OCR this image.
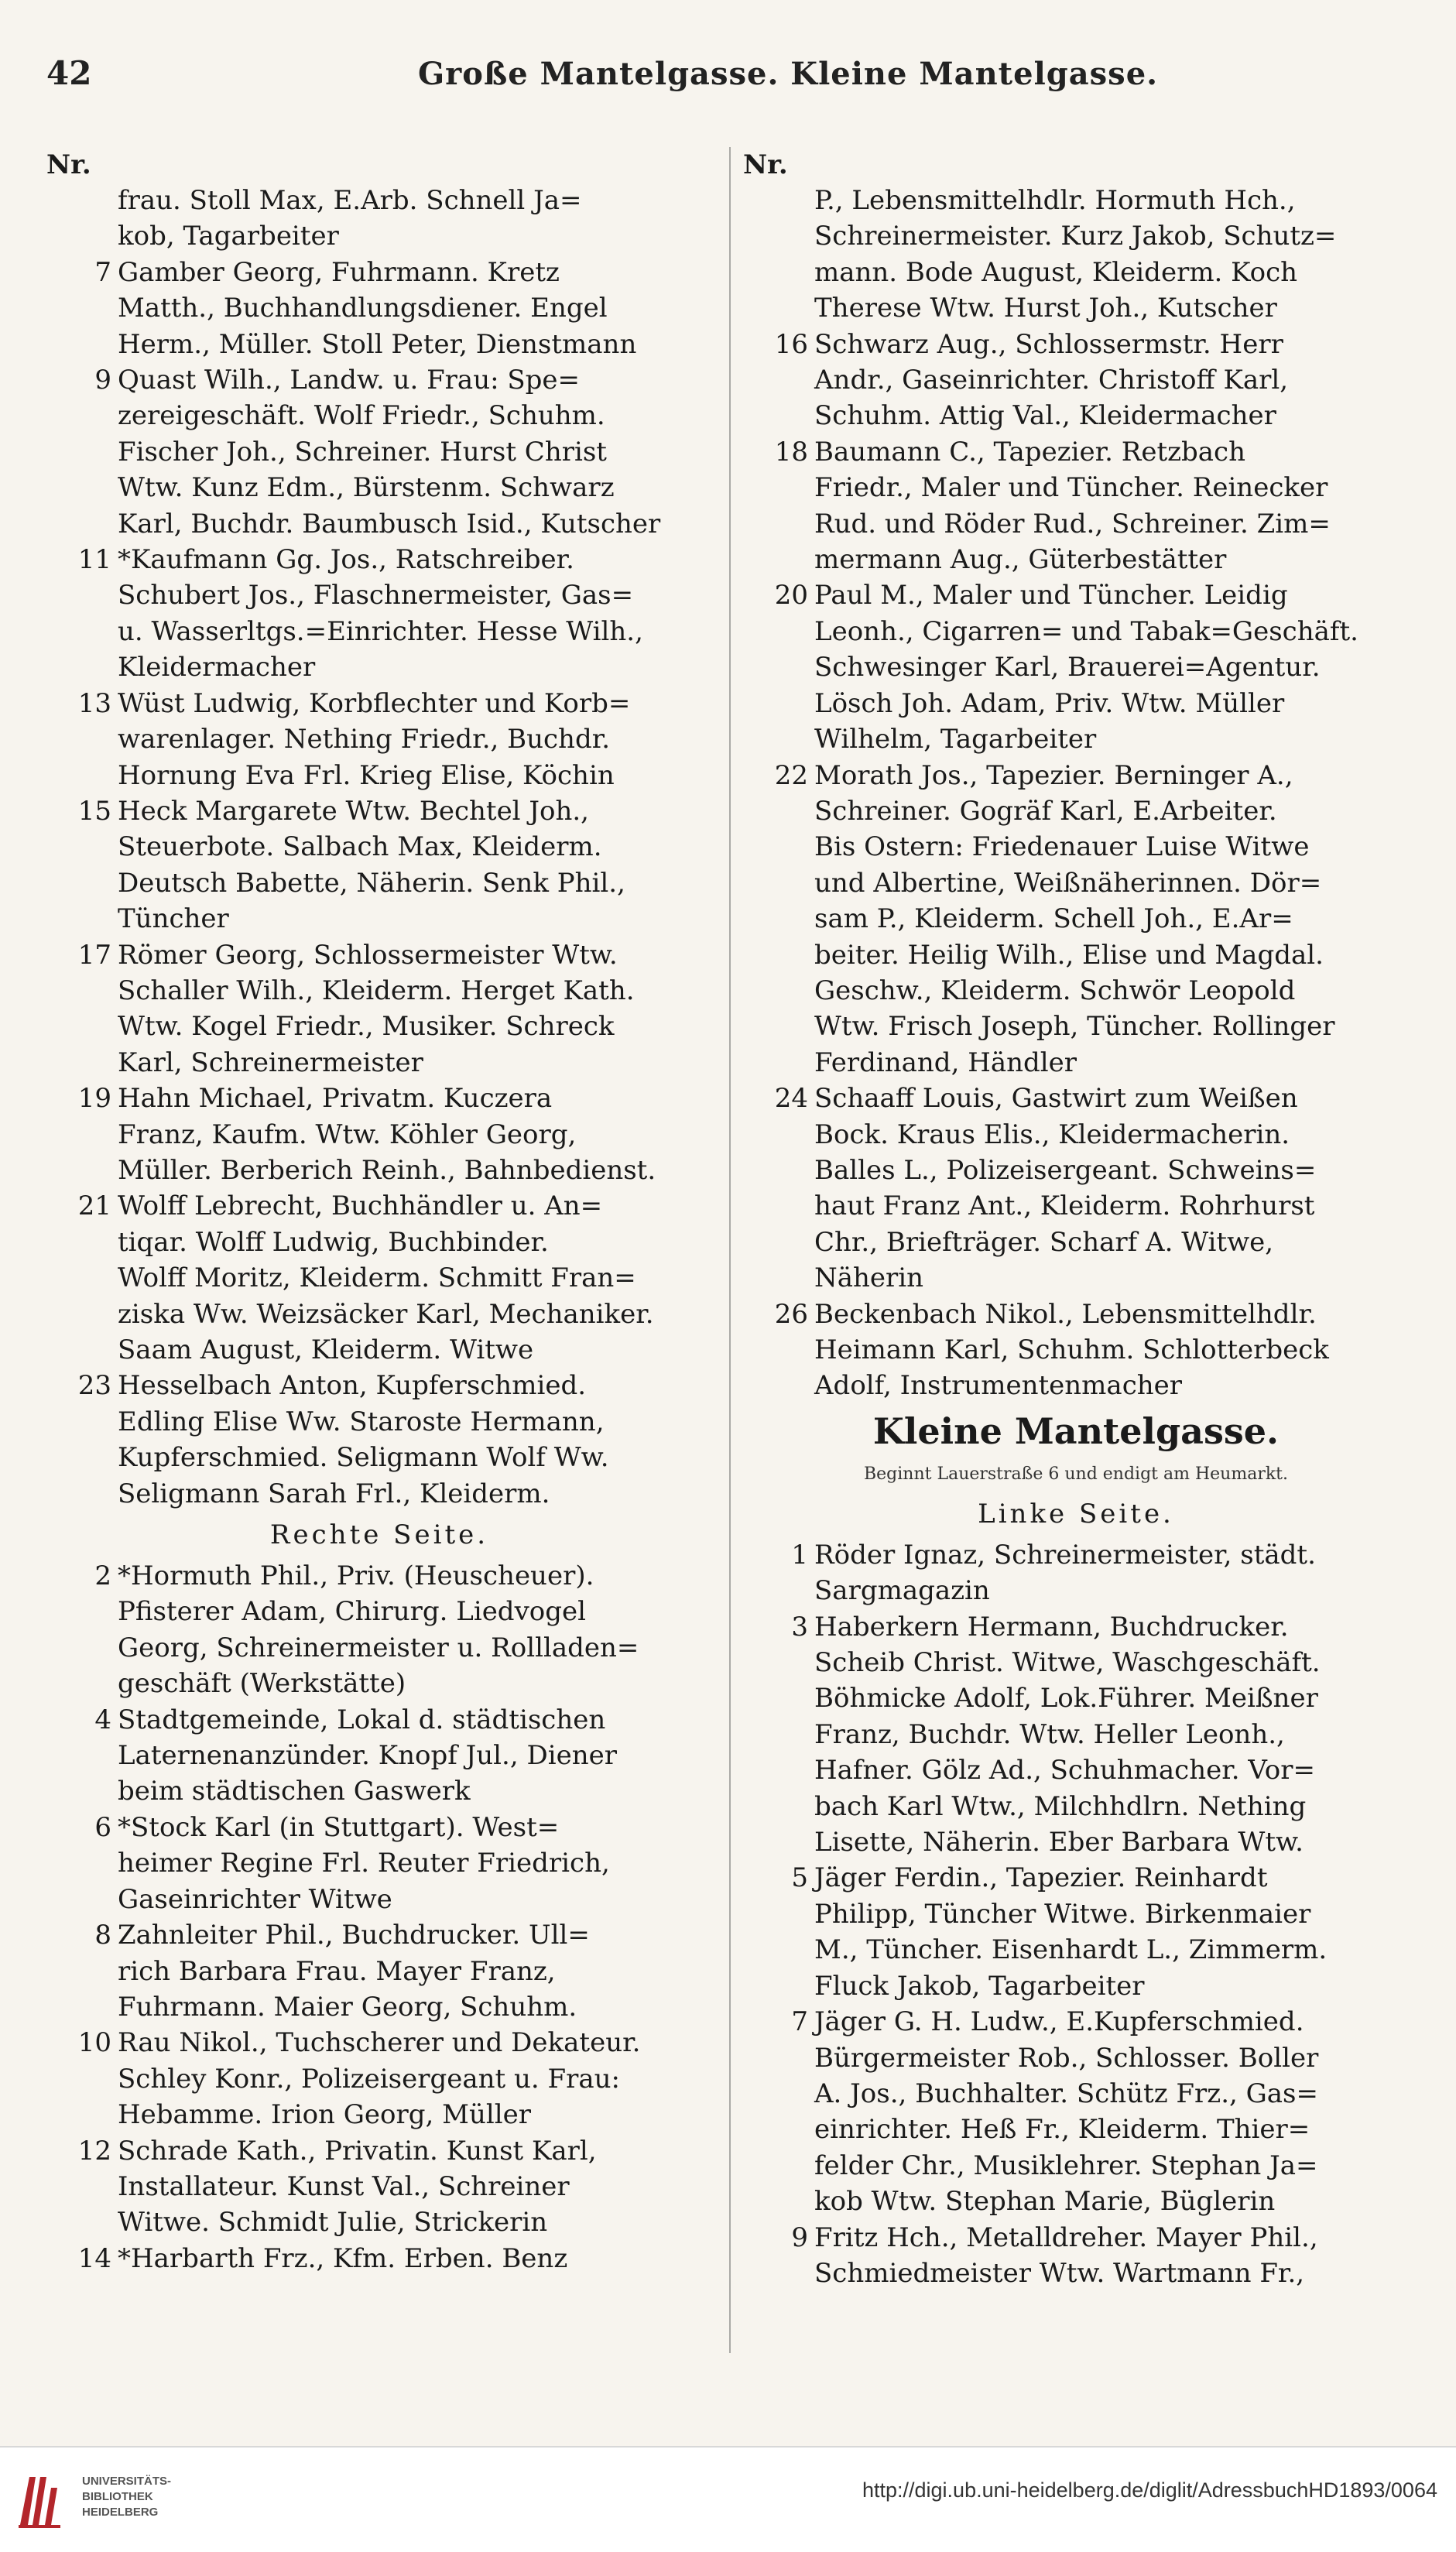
42	Große Mantelgasse. Kleine Mantelgasse.
Nr.
frau. Stoll Max, E.Arb. Schnell Ja=
kob, Tagarbeiter
7 Gamber Georg, Fuhrmann. Kretz
Matth., Buchhandlungsdiener. Engel
Herm., Müller. Stoll Peter, Dienstmann
9 Quast Wilh., Landw. u. Frau: Spe=
zereigeschäft. Wolf Friedr., Schuhm.
Fischer Joh., Schreiner. Hurst Christ
Wtw. Kunz Edm., Bürstenm. Schwarz
Karl, Buchdr. Baumbusch Isid., Kutscher
11 *Kaufmann Gg. Jos., Ratschreiber.
Schubert Jos., Flaschnermeister, Gas=
u. Wasserltgs.=Einrichter. Hesse Wilh.,
Kleidermacher
13 Wüst Ludwig, Korbflechter und Korb=
warenlager. Nething Friedr., Buchdr.
Hornung Eva Frl. Krieg Elise, Köchin
15 Heck Margarete Wtw. Bechtel Joh.,
Steuerbote. Salbach Max, Kleiderm.
Deutsch Babette, Näherin. Senk Phil.,
Tüncher
17 Römer Georg, Schlossermeister Wtw.
Schaller Wilh., Kleiderm. Herget Kath.
Wtw. Kogel Friedr., Musiker. Schreck
Karl, Schreinermeister
19 Hahn Michael, Privatm. Kuczera
Franz, Kaufm. Wtw. Köhler Georg,
Müller. Berberich Reinh., Bahnbedienst.
21 Wolff Lebrecht, Buchhändler u. An=
tiqar. Wolff Ludwig, Buchbinder.
Wolff Moritz, Kleiderm. Schmitt Fran=
ziska Ww. Weizsäcker Karl, Mechaniker.
Saam August, Kleiderm. Witwe
23 Hesselbach Anton, Kupferschmied.
Edling Elise Ww. Staroste Hermann,
Kupferschmied. Seligmann Wolf Ww.
Seligmann Sarah Frl., Kleiderm.
Rechte Seite.
2 *Hormuth Phil., Priv. (Heuscheuer).
Pfisterer Adam, Chirurg. Liedvogel
Georg, Schreinermeister u. Rollladen=
geschäft (Werkstätte)
4 Stadtgemeinde, Lokal d. städtischen
Laternenanzünder. Knopf Jul., Diener
beim städtischen Gaswerk
6 *Stock Karl (in Stuttgart). West=
heimer Regine Frl. Reuter Friedrich,
Gaseinrichter Witwe
8 Zahnleiter Phil., Buchdrucker. Ull=
rich Barbara Frau. Mayer Franz,
Fuhrmann. Maier Georg, Schuhm.
10 Rau Nikol., Tuchscherer und Dekateur.
Schley Konr., Polizeisergeant u. Frau:
Hebamme. Irion Georg, Müller
12 Schrade Kath., Privatin. Kunst Karl,
Installateur. Kunst Val., Schreiner
Witwe. Schmidt Julie, Strickerin
14 *Harbarth Frz., Kfm. Erben. Benz
Nr.
P., Lebensmittelhdlr. Hormuth Hch.,
Schreinermeister. Kurz Jakob, Schutz=
mann. Bode August, Kleiderm. Koch
Therese Wtw. Hurst Joh., Kutscher
16 Schwarz Aug., Schlossermstr. Herr
Andr., Gaseinrichter. Christoff Karl,
Schuhm. Attig Val., Kleidermacher
18 Baumann C., Tapezier. Retzbach
Friedr., Maler und Tüncher. Reinecker
Rud. und Röder Rud., Schreiner. Zim=
mermann Aug., Güterbestätter
20 Paul M., Maler und Tüncher. Leidig
Leonh., Cigarren= und Tabak=Geschäft.
Schwesinger Karl, Brauerei=Agentur.
Lösch Joh. Adam, Priv. Wtw. Müller
Wilhelm, Tagarbeiter
22 Morath Jos., Tapezier. Berninger A.,
Schreiner. Gogräf Karl, E.Arbeiter.
Bis Ostern: Friedenauer Luise Witwe
und Albertine, Weißnäherinnen. Dör=
sam P., Kleiderm. Schell Joh., E.Ar=
beiter. Heilig Wilh., Elise und Magdal.
Geschw., Kleiderm. Schwör Leopold
Wtw. Frisch Joseph, Tüncher. Rollinger
Ferdinand, Händler
24 Schaaff Louis, Gastwirt zum Weißen
Bock. Kraus Elis., Kleidermacherin.
Balles L., Polizeisergeant. Schweins=
haut Franz Ant., Kleiderm. Rohrhurst
Chr., Briefträger. Scharf A. Witwe,
Näherin
26 Beckenbach Nikol., Lebensmittelhdlr.
Heimann Karl, Schuhm. Schlotterbeck
Adolf, Instrumentenmacher
Kleine Mantelgasse.
Beginnt Lauerstraße 6 und endigt am Heumarkt.
Linke Seite.
1 Röder Ignaz, Schreinermeister, städt.
Sargmagazin
3 Haberkern Hermann, Buchdrucker.
Scheib Christ. Witwe, Waschgeschäft.
Böhmicke Adolf, Lok.Führer. Meißner
Franz, Buchdr. Wtw. Heller Leonh.,
Hafner. Gölz Ad., Schuhmacher. Vor=
bach Karl Wtw., Milchhdlrn. Nething
Lisette, Näherin. Eber Barbara Wtw.
5 Jäger Ferdin., Tapezier. Reinhardt
Philipp, Tüncher Witwe. Birkenmaier
M., Tüncher. Eisenhardt L., Zimmerm.
Fluck Jakob, Tagarbeiter
7 Jäger G. H. Ludw., E.Kupferschmied.
Bürgermeister Rob., Schlosser. Boller
A. Jos., Buchhalter. Schütz Frz., Gas=
einrichter. Heß Fr., Kleiderm. Thier=
felder Chr., Musiklehrer. Stephan Ja=
kob Wtw. Stephan Marie, Büglerin
9 Fritz Hch., Metalldreher. Mayer Phil.,
Schmiedmeister Wtw. Wartmann Fr.,
UNIVERSITÄTS-
BIBLIOTHEK
HEIDELBERG
http://digi.ub.uni-heidelberg.de/diglit/AdressbuchHD1893/0064
